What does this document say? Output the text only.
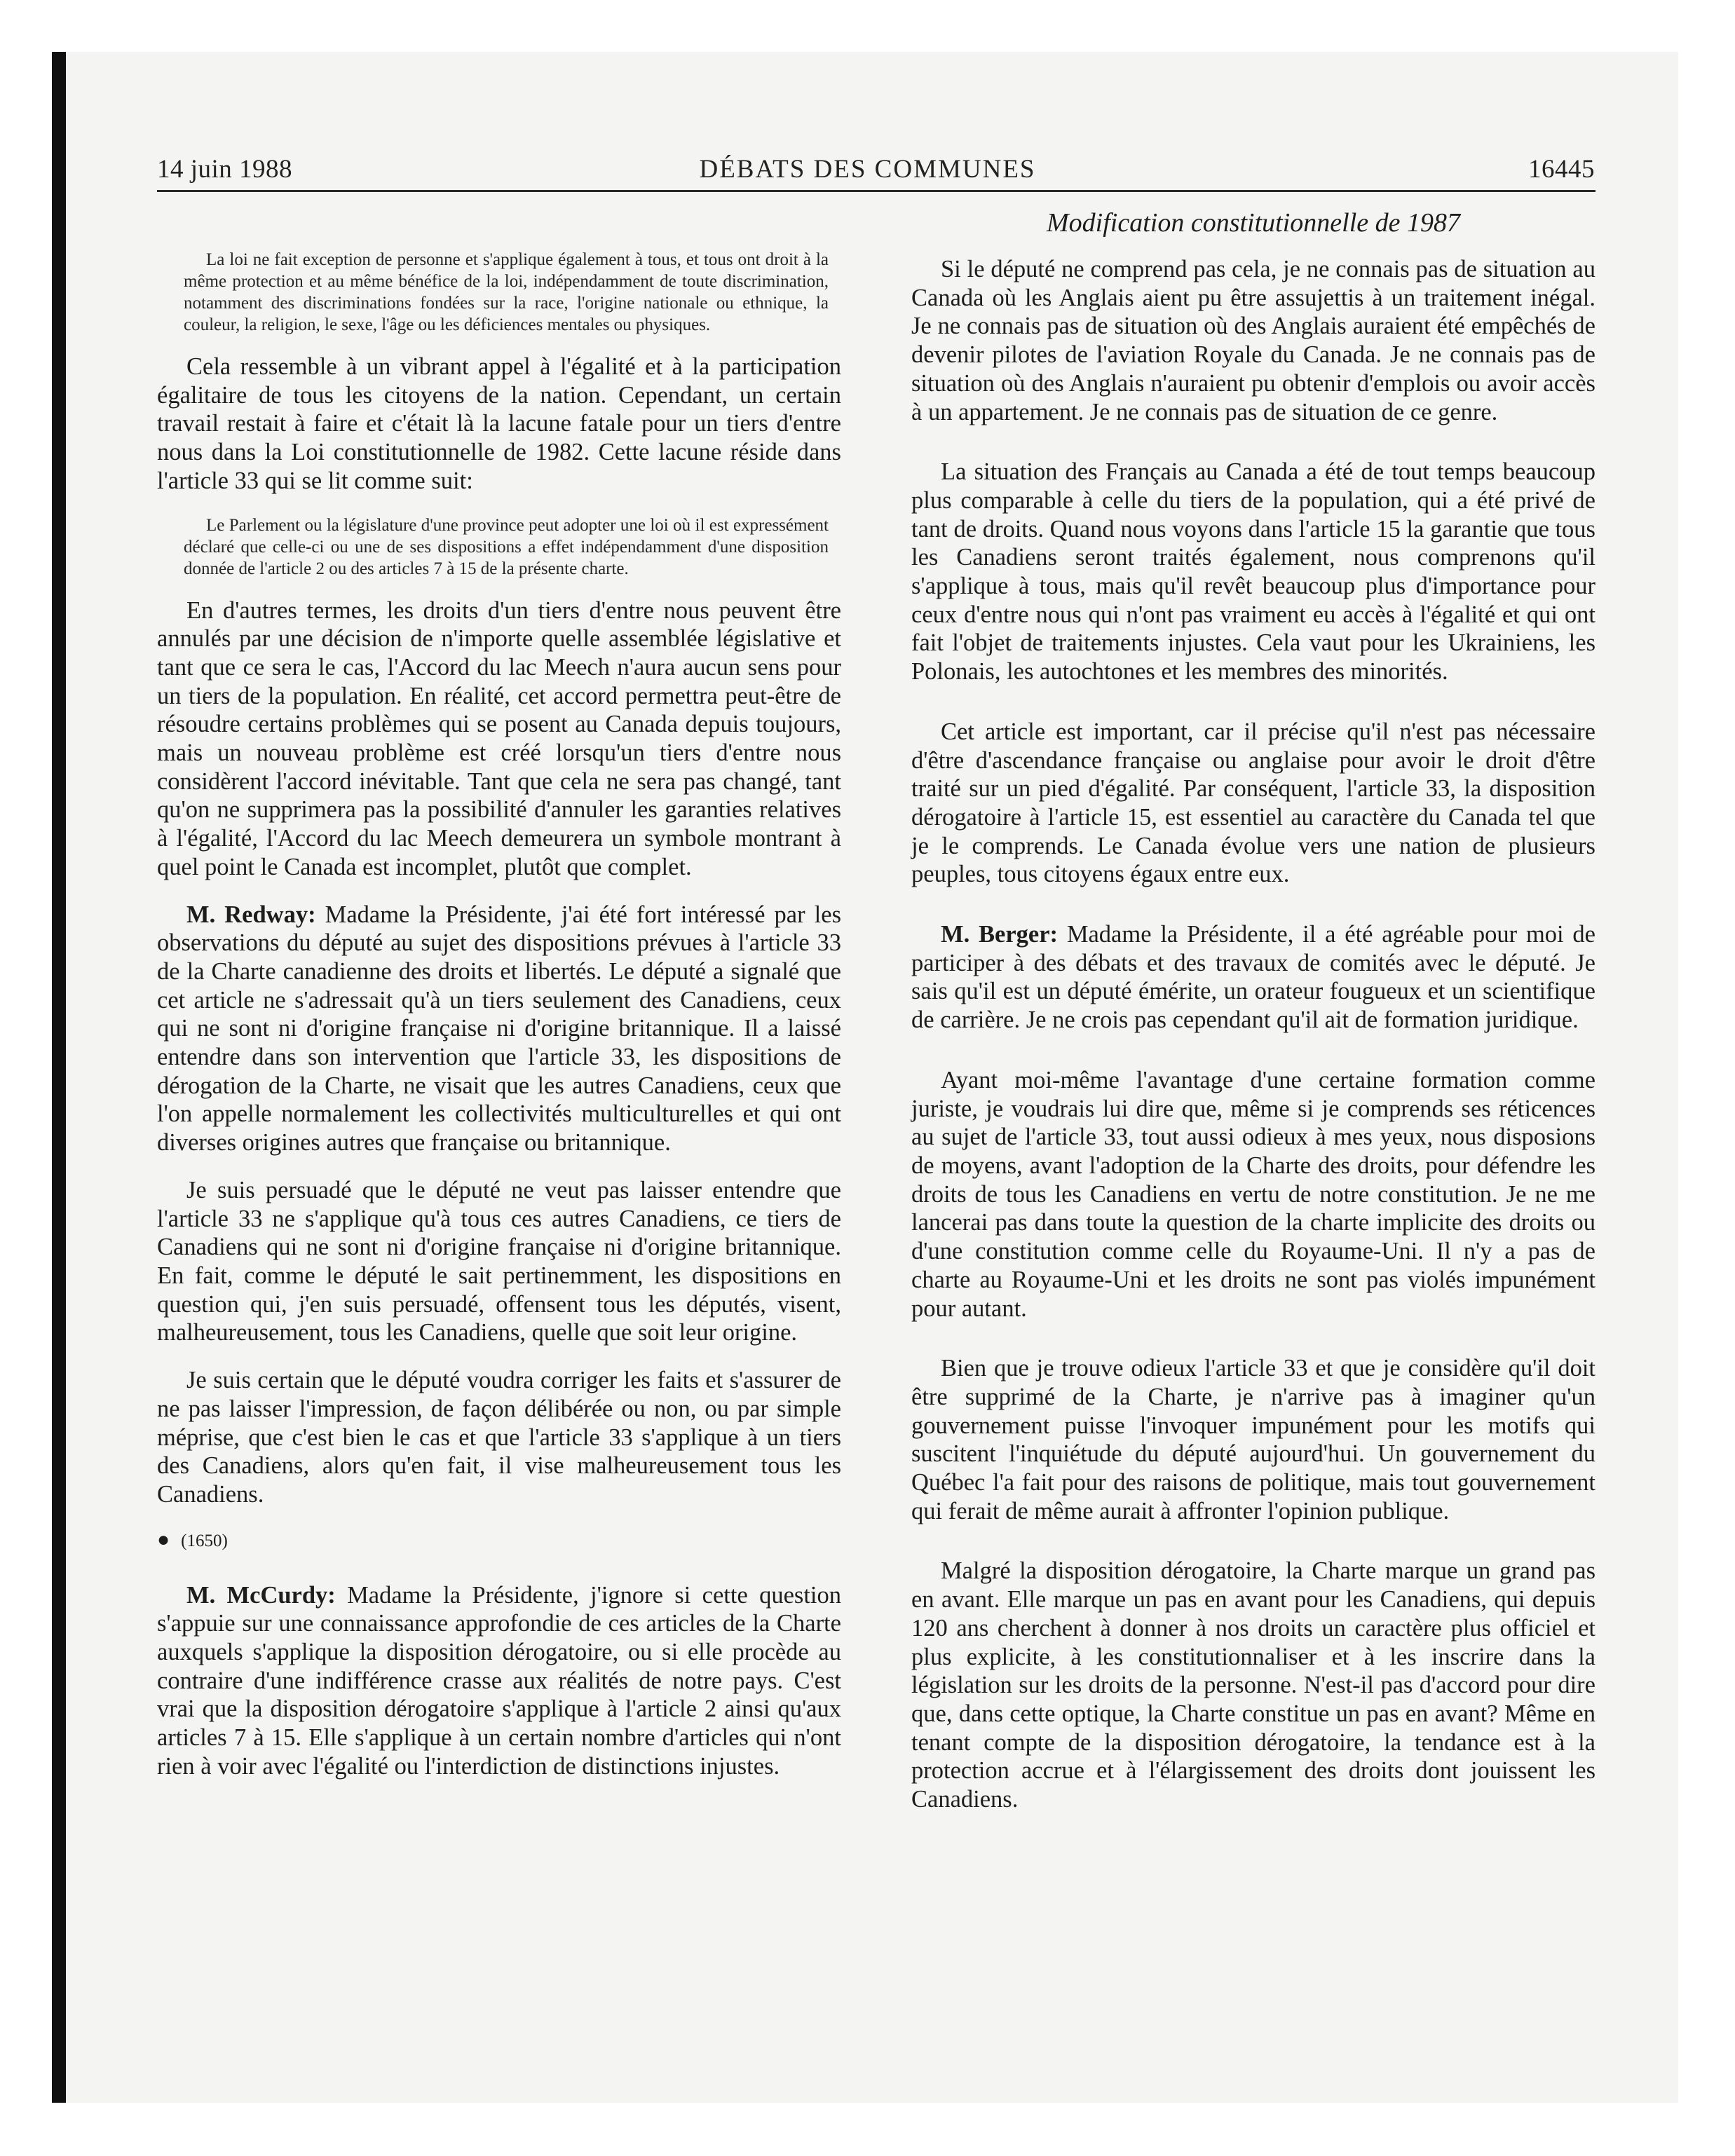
14 juin 1988	DÉBATS DES COMMUNES	16445
Modification constitutionnelle de 1987

La loi ne fait exception de personne et s'applique également à tous, et tous ont droit à la même protection et au même bénéfice de la loi, indépendamment de toute discrimination, notamment des discriminations fondées sur la race, l'origine nationale ou ethnique, la couleur, la religion, le sexe, l'âge ou les déficiences mentales ou physiques.

Cela ressemble à un vibrant appel à l'égalité et à la participation égalitaire de tous les citoyens de la nation. Cependant, un certain travail restait à faire et c'était là la lacune fatale pour un tiers d'entre nous dans la Loi constitutionnelle de 1982. Cette lacune réside dans l'article 33 qui se lit comme suit:

Le Parlement ou la législature d'une province peut adopter une loi où il est expressément déclaré que celle-ci ou une de ses dispositions a effet indépendamment d'une disposition donnée de l'article 2 ou des articles 7 à 15 de la présente charte.

En d'autres termes, les droits d'un tiers d'entre nous peuvent être annulés par une décision de n'importe quelle assemblée législative et tant que ce sera le cas, l'Accord du lac Meech n'aura aucun sens pour un tiers de la population. En réalité, cet accord permettra peut-être de résoudre certains problèmes qui se posent au Canada depuis toujours, mais un nouveau problème est créé lorsqu'un tiers d'entre nous considèrent l'accord inévitable. Tant que cela ne sera pas changé, tant qu'on ne supprimera pas la possibilité d'annuler les garanties relatives à l'égalité, l'Accord du lac Meech demeurera un symbole montrant à quel point le Canada est incomplet, plutôt que complet.

M. Redway: Madame la Présidente, j'ai été fort intéressé par les observations du député au sujet des dispositions prévues à l'article 33 de la Charte canadienne des droits et libertés. Le député a signalé que cet article ne s'adressait qu'à un tiers seulement des Canadiens, ceux qui ne sont ni d'origine française ni d'origine britannique. Il a laissé entendre dans son intervention que l'article 33, les dispositions de dérogation de la Charte, ne visait que les autres Canadiens, ceux que l'on appelle normalement les collectivités multiculturelles et qui ont diverses origines autres que française ou britannique.

Je suis persuadé que le député ne veut pas laisser entendre que l'article 33 ne s'applique qu'à tous ces autres Canadiens, ce tiers de Canadiens qui ne sont ni d'origine française ni d'origine britannique. En fait, comme le député le sait pertinemment, les dispositions en question qui, j'en suis persuadé, offensent tous les députés, visent, malheureusement, tous les Canadiens, quelle que soit leur origine.

Je suis certain que le député voudra corriger les faits et s'assurer de ne pas laisser l'impression, de façon délibérée ou non, ou par simple méprise, que c'est bien le cas et que l'article 33 s'applique à un tiers des Canadiens, alors qu'en fait, il vise malheureusement tous les Canadiens.

● (1650)

M. McCurdy: Madame la Présidente, j'ignore si cette question s'appuie sur une connaissance approfondie de ces articles de la Charte auxquels s'applique la disposition dérogatoire, ou si elle procède au contraire d'une indifférence crasse aux réalités de notre pays. C'est vrai que la disposition dérogatoire s'applique à l'article 2 ainsi qu'aux articles 7 à 15. Elle s'applique à un certain nombre d'articles qui n'ont rien à voir avec l'égalité ou l'interdiction de distinctions injustes.

Si le député ne comprend pas cela, je ne connais pas de situation au Canada où les Anglais aient pu être assujettis à un traitement inégal. Je ne connais pas de situation où des Anglais auraient été empêchés de devenir pilotes de l'aviation Royale du Canada. Je ne connais pas de situation où des Anglais n'auraient pu obtenir d'emplois ou avoir accès à un appartement. Je ne connais pas de situation de ce genre.

La situation des Français au Canada a été de tout temps beaucoup plus comparable à celle du tiers de la population, qui a été privé de tant de droits. Quand nous voyons dans l'article 15 la garantie que tous les Canadiens seront traités également, nous comprenons qu'il s'applique à tous, mais qu'il revêt beaucoup plus d'importance pour ceux d'entre nous qui n'ont pas vraiment eu accès à l'égalité et qui ont fait l'objet de traitements injustes. Cela vaut pour les Ukrainiens, les Polonais, les autochtones et les membres des minorités.

Cet article est important, car il précise qu'il n'est pas nécessaire d'être d'ascendance française ou anglaise pour avoir le droit d'être traité sur un pied d'égalité. Par conséquent, l'article 33, la disposition dérogatoire à l'article 15, est essentiel au caractère du Canada tel que je le comprends. Le Canada évolue vers une nation de plusieurs peuples, tous citoyens égaux entre eux.

M. Berger: Madame la Présidente, il a été agréable pour moi de participer à des débats et des travaux de comités avec le député. Je sais qu'il est un député émérite, un orateur fougueux et un scientifique de carrière. Je ne crois pas cependant qu'il ait de formation juridique.

Ayant moi-même l'avantage d'une certaine formation comme juriste, je voudrais lui dire que, même si je comprends ses réticences au sujet de l'article 33, tout aussi odieux à mes yeux, nous disposions de moyens, avant l'adoption de la Charte des droits, pour défendre les droits de tous les Canadiens en vertu de notre constitution. Je ne me lancerai pas dans toute la question de la charte implicite des droits ou d'une constitution comme celle du Royaume-Uni. Il n'y a pas de charte au Royaume-Uni et les droits ne sont pas violés impunément pour autant.

Bien que je trouve odieux l'article 33 et que je considère qu'il doit être supprimé de la Charte, je n'arrive pas à imaginer qu'un gouvernement puisse l'invoquer impunément pour les motifs qui suscitent l'inquiétude du député aujourd'hui. Un gouvernement du Québec l'a fait pour des raisons de politique, mais tout gouvernement qui ferait de même aurait à affronter l'opinion publique.

Malgré la disposition dérogatoire, la Charte marque un grand pas en avant. Elle marque un pas en avant pour les Canadiens, qui depuis 120 ans cherchent à donner à nos droits un caractère plus officiel et plus explicite, à les constitutionnaliser et à les inscrire dans la législation sur les droits de la personne. N'est-il pas d'accord pour dire que, dans cette optique, la Charte constitue un pas en avant? Même en tenant compte de la disposition dérogatoire, la tendance est à la protection accrue et à l'élargissement des droits dont jouissent les Canadiens.
